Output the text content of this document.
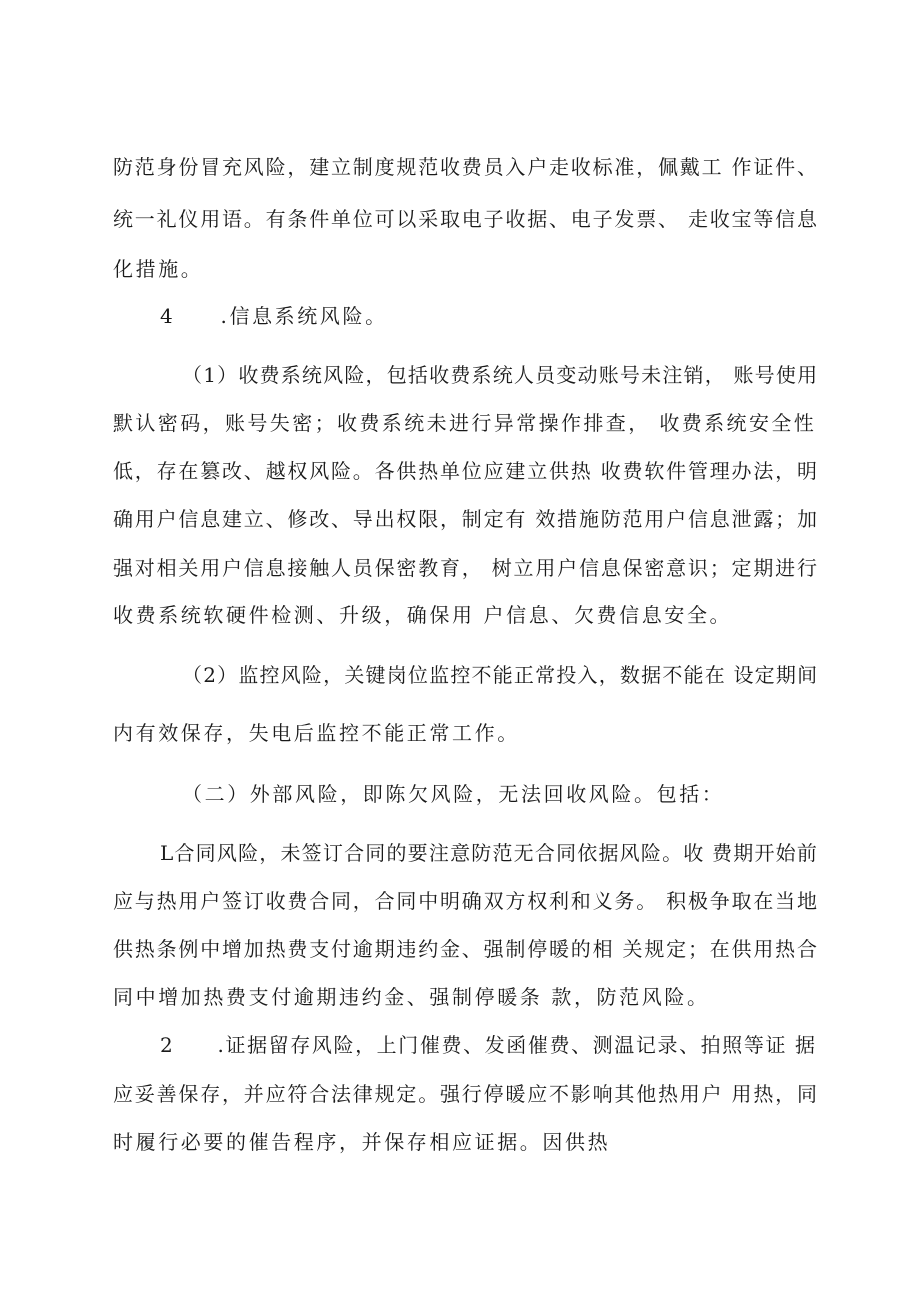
防范身份冒充风险，建立制度规范收费员入户走收标准，佩戴工 作证件、
统一礼仪用语。有条件单位可以采取电子收据、电子发票、 走收宝等信息
化措施。
4　　.信息系统风险。
（1）收费系统风险，包括收费系统人员变动账号未注销， 账号使用
默认密码，账号失密；收费系统未进行异常操作排查， 收费系统安全性
低，存在篡改、越权风险。各供热单位应建立供热 收费软件管理办法，明
确用户信息建立、修改、导出权限，制定有 效措施防范用户信息泄露；加
强对相关用户信息接触人员保密教育， 树立用户信息保密意识；定期进行
收费系统软硬件检测、升级，确保用 户信息、欠费信息安全。
（2）监控风险，关键岗位监控不能正常投入，数据不能在 设定期间
内有效保存，失电后监控不能正常工作。
（二）外部风险，即陈欠风险，无法回收风险。包括：
L合同风险，未签订合同的要注意防范无合同依据风险。收 费期开始前
应与热用户签订收费合同，合同中明确双方权利和义务。 积极争取在当地
供热条例中增加热费支付逾期违约金、强制停暖的相 关规定；在供用热合
同中增加热费支付逾期违约金、强制停暖条 款，防范风险。
2　　.证据留存风险，上门催费、发函催费、测温记录、拍照等证 据
应妥善保存，并应符合法律规定。强行停暖应不影响其他热用户 用热，同
时履行必要的催告程序，并保存相应证据。因供热
